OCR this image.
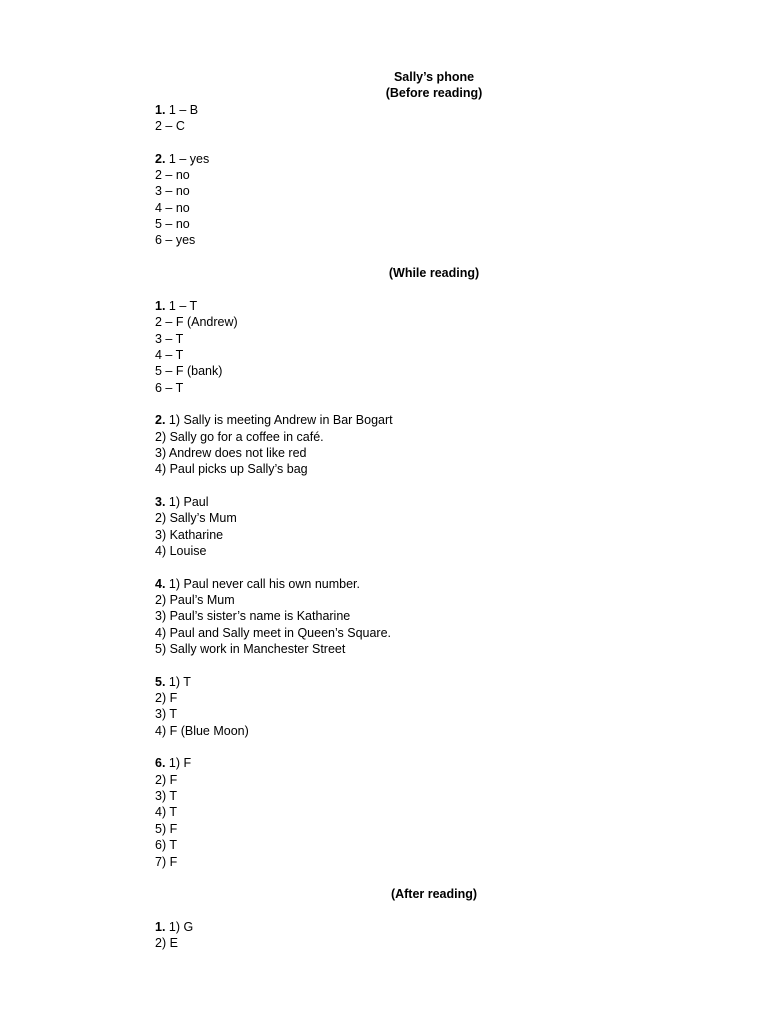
Sally’s phone
(Before reading)
1. 1 – B
2 – C
2. 1 – yes
2 – no
3 – no
4 – no
5 – no
6 – yes
(While reading)
1. 1 – T
2 – F (Andrew)
3 – T
4 – T
5 – F (bank)
6 – T
2. 1) Sally is meeting Andrew in Bar Bogart
2) Sally go for a coffee in café.
3) Andrew does not like red
4) Paul picks up Sally’s bag
3. 1) Paul
2) Sally’s Mum
3) Katharine
4) Louise
4. 1) Paul never call his own number.
2) Paul’s Mum
3) Paul’s sister’s name is Katharine
4) Paul and Sally meet in Queen’s Square.
5) Sally work in Manchester Street
5. 1) T
2) F
3) T
4) F (Blue Moon)
6. 1) F
2) F
3) T
4) T
5) F
6) T
7) F
(After reading)
1. 1) G
2) E
